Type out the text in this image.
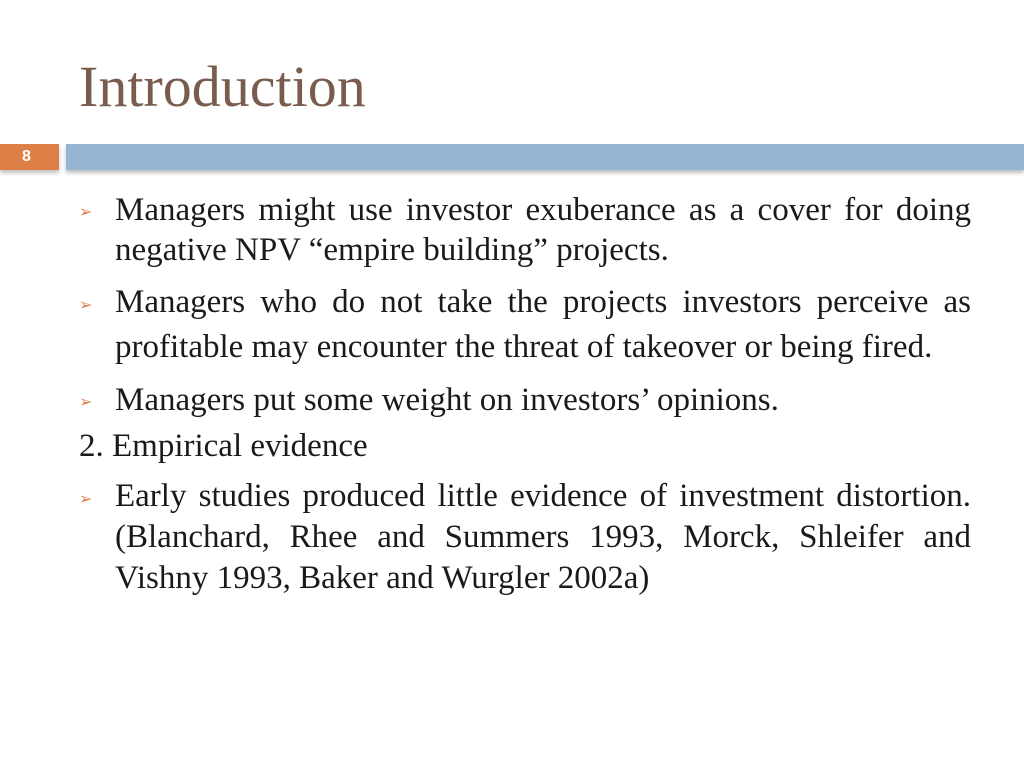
Introduction
8
➢ Managers might use investor exuberance as a cover for doing negative NPV “empire building” projects.
➢ Managers who do not take the projects investors perceive as profitable may encounter the threat of takeover or being fired.
➢ Managers put some weight on investors’ opinions.
2. Empirical evidence
➢ Early studies produced little evidence of investment distortion.(Blanchard, Rhee and Summers 1993, Morck, Shleifer and Vishny 1993, Baker and Wurgler 2002a)
